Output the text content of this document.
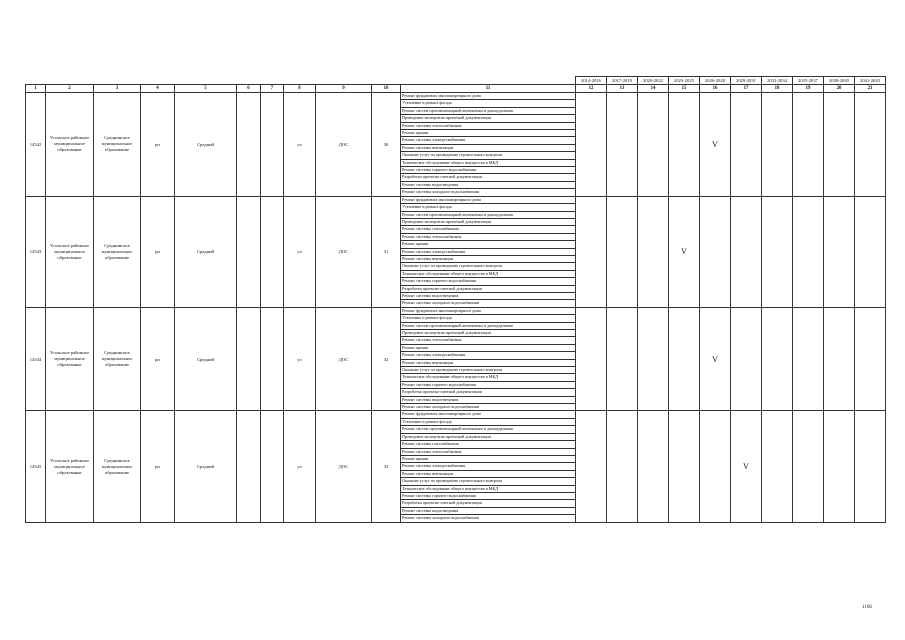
											2014-2016	2017-2019	2020-2022	2023-2025	2026-2028	2029-2031	2032-2034	2035-2037	2038-2040	2041-2043
1	2	3	4	5	6	7	8	9	10	11	12	13	14	15	16	17	18	19	20	21
14542	Усольское районное муниципальное образование	Среднинское муниципальное образование	рп	Средний			ул	ДОС	30	Ремонт фундамента многоквартирного дома					V					
										Утепление и ремонт фасада										
										Ремонт систем противопожарной автоматики и дымоудаления										
										Проведение экспертизы проектной документации										
										Ремонт системы теплоснабжения										
										Ремонт крыши										
										Ремонт системы электроснабжения										
										Ремонт системы вентиляции										
										Оказание услуг по проведению строительного контроля										
										Техническое обследование общего имущества в МКД										
										Ремонт системы горячего водоснабжения										
										Разработка проектно-сметной документации										
										Ремонт системы водоотведения										
										Ремонт системы холодного водоснабжения										
14543	Усольское районное муниципальное образование	Среднинское муниципальное образование	рп	Средний			ул	ДОС	31	Ремонт фундамента многоквартирного дома				V						
										Утепление и ремонт фасада										
										Ремонт систем противопожарной автоматики и дымоудаления										
										Проведение экспертизы проектной документации										
										Ремонт системы газоснабжения										
										Ремонт системы теплоснабжения										
										Ремонт крыши										
										Ремонт системы электроснабжения										
										Ремонт системы вентиляции										
										Оказание услуг по проведению строительного контроля										
										Техническое обследование общего имущества в МКД										
										Ремонт системы горячего водоснабжения										
										Разработка проектно-сметной документации										
										Ремонт системы водоотведения										
										Ремонт системы холодного водоснабжения										
14544	Усольское районное муниципальное образование	Среднинское муниципальное образование	рп	Средний			ул	ДОС	32	Ремонт фундамента многоквартирного дома					V					
										Утепление и ремонт фасада										
										Ремонт систем противопожарной автоматики и дымоудаления										
										Проведение экспертизы проектной документации										
										Ремонт системы теплоснабжения										
										Ремонт крыши										
										Ремонт системы электроснабжения										
										Ремонт системы вентиляции										
										Оказание услуг по проведению строительного контроля										
										Техническое обследование общего имущества в МКД										
										Ремонт системы горячего водоснабжения										
										Разработка проектно-сметной документации										
										Ремонт системы водоотведения										
										Ремонт системы холодного водоснабжения										
14545	Усольское районное муниципальное образование	Среднинское муниципальное образование	рп	Средний			ул	ДОС	33	Ремонт фундамента многоквартирного дома						V				
										Утепление и ремонт фасада										
										Ремонт систем противопожарной автоматики и дымоудаления										
										Проведение экспертизы проектной документации										
										Ремонт системы газоснабжения										
										Ремонт системы теплоснабжения										
										Ремонт крыши										
										Ремонт системы электроснабжения										
										Ремонт системы вентиляции										
										Оказание услуг по проведению строительного контроля										
										Техническое обследование общего имущества в МКД										
										Ремонт системы горячего водоснабжения										
										Разработка проектно-сметной документации										
										Ремонт системы водоотведения										
										Ремонт системы холодного водоснабжения										
1166
